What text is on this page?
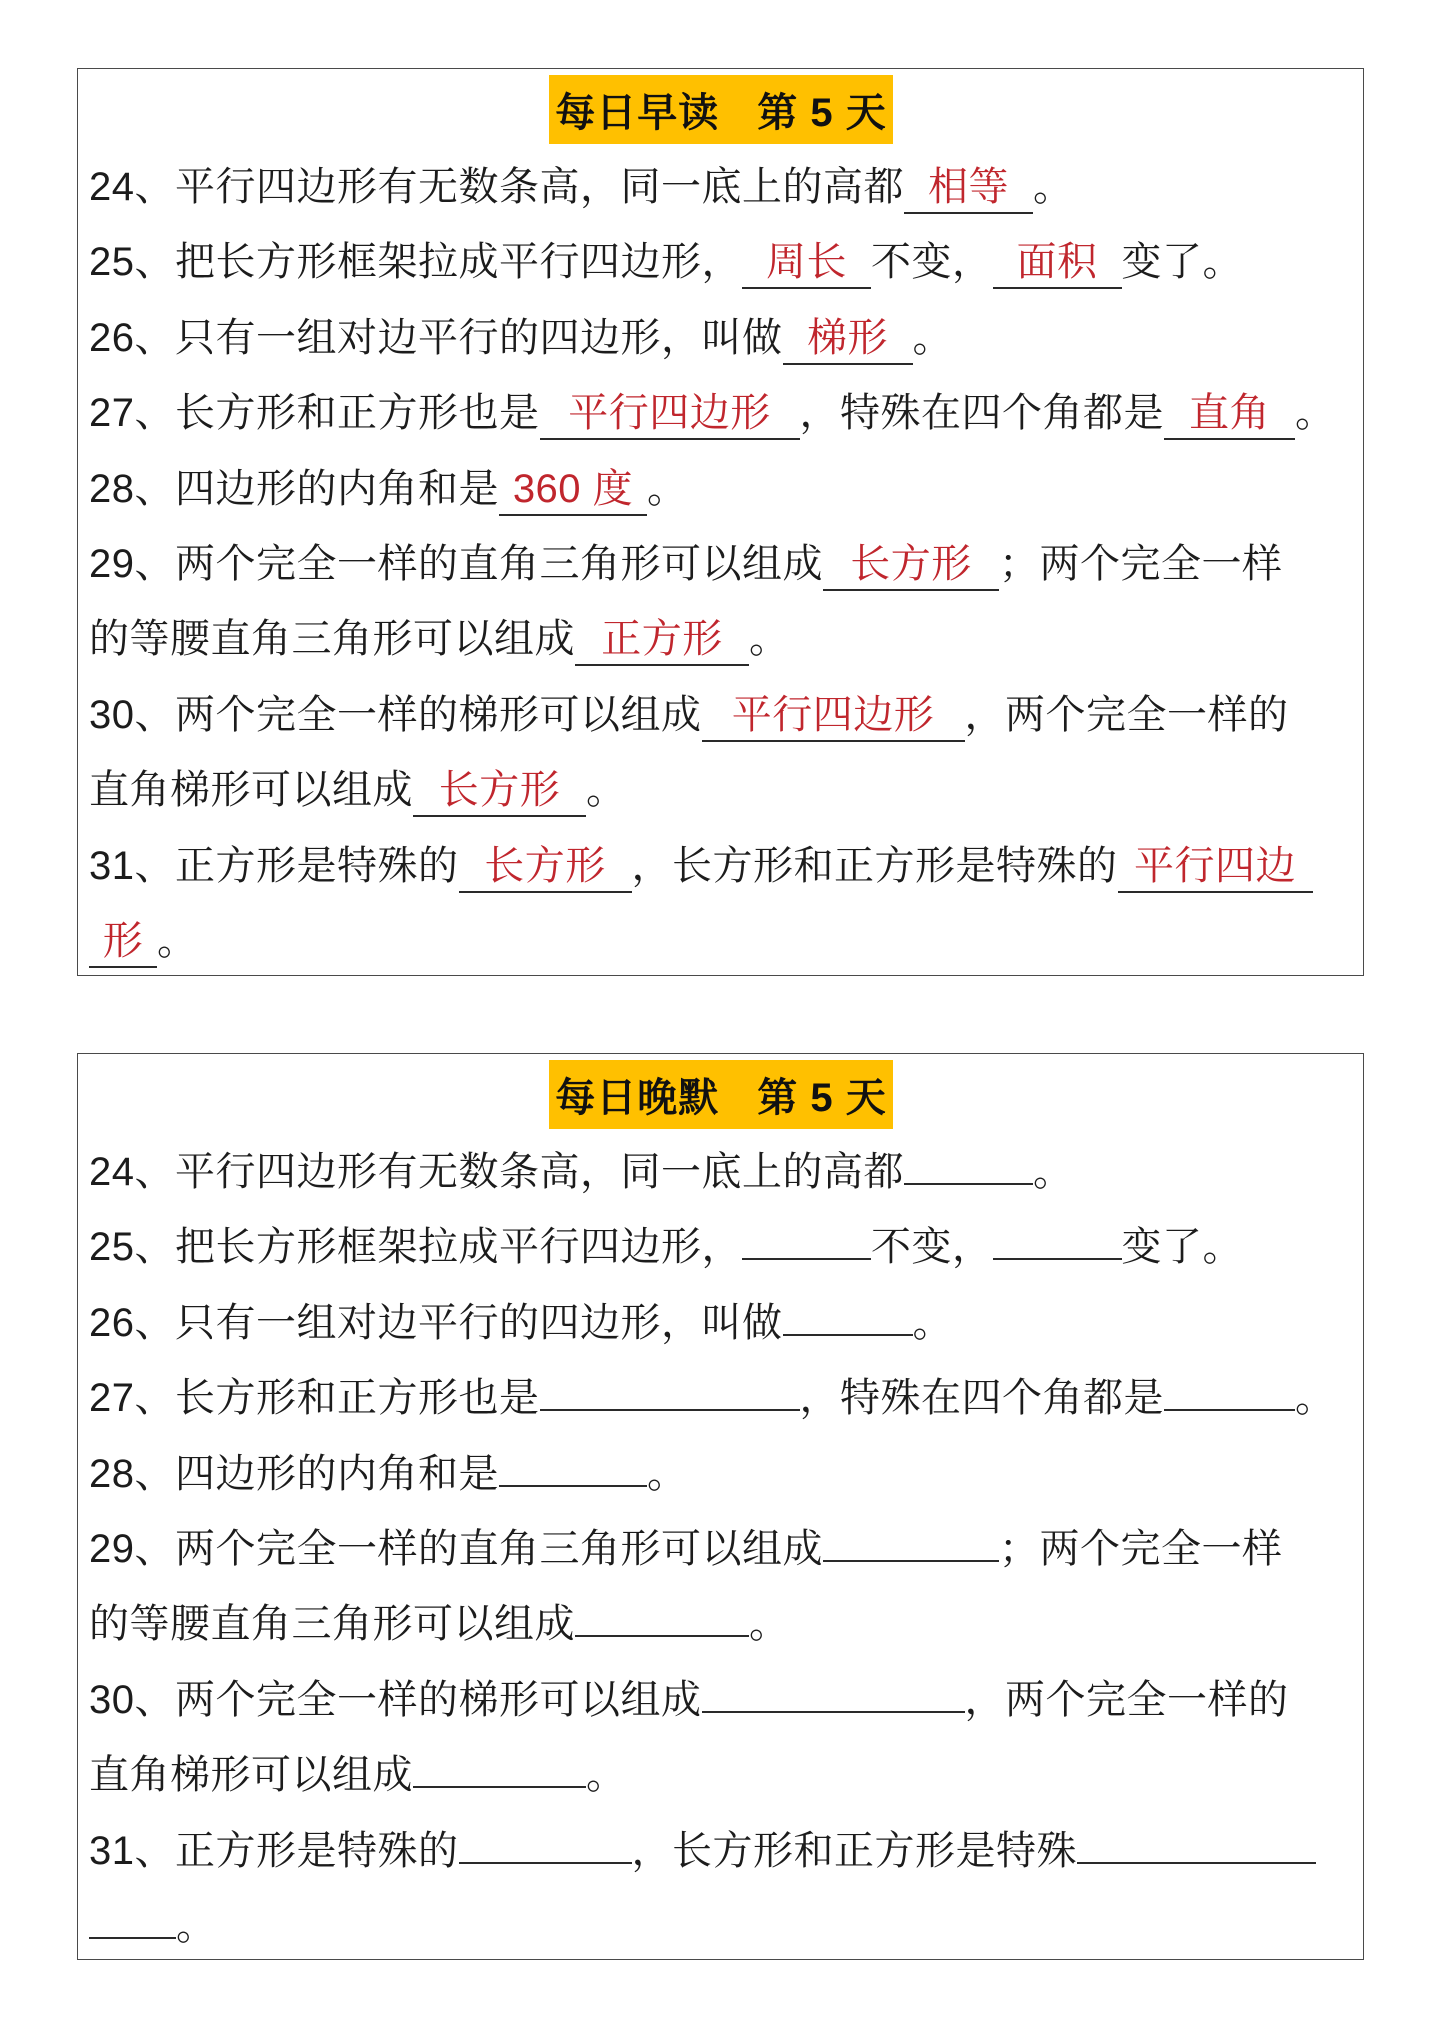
每日早读 第 5 天
24、平行四边形有无数条高，同一底上的高都 相等 。
25、把长方形框架拉成平行四边形， 周长 不变， 面积 变了。
26、只有一组对边平行的四边形，叫做 梯形 。
27、长方形和正方形也是 平行四边形 ，特殊在四个角都是 直角 。
28、四边形的内角和是 360 度 。
29、两个完全一样的直角三角形可以组成 长方形 ；两个完全一样
的等腰直角三角形可以组成 正方形 。
30、两个完全一样的梯形可以组成 平行四边形 ，两个完全一样的
直角梯形可以组成 长方形 。
31、正方形是特殊的 长方形 ，长方形和正方形是特殊的 平行四边
形 。
每日晚默 第 5 天
24、平行四边形有无数条高，同一底上的高都	。
25、把长方形框架拉成平行四边形，	不变，	变了。
26、只有一组对边平行的四边形，叫做	。
27、长方形和正方形也是	，特殊在四个角都是	。
28、四边形的内角和是	。
29、两个完全一样的直角三角形可以组成	；两个完全一样
的等腰直角三角形可以组成	。
30、两个完全一样的梯形可以组成	，两个完全一样的
直角梯形可以组成	。
31、正方形是特殊的	，长方形和正方形是特殊
。
